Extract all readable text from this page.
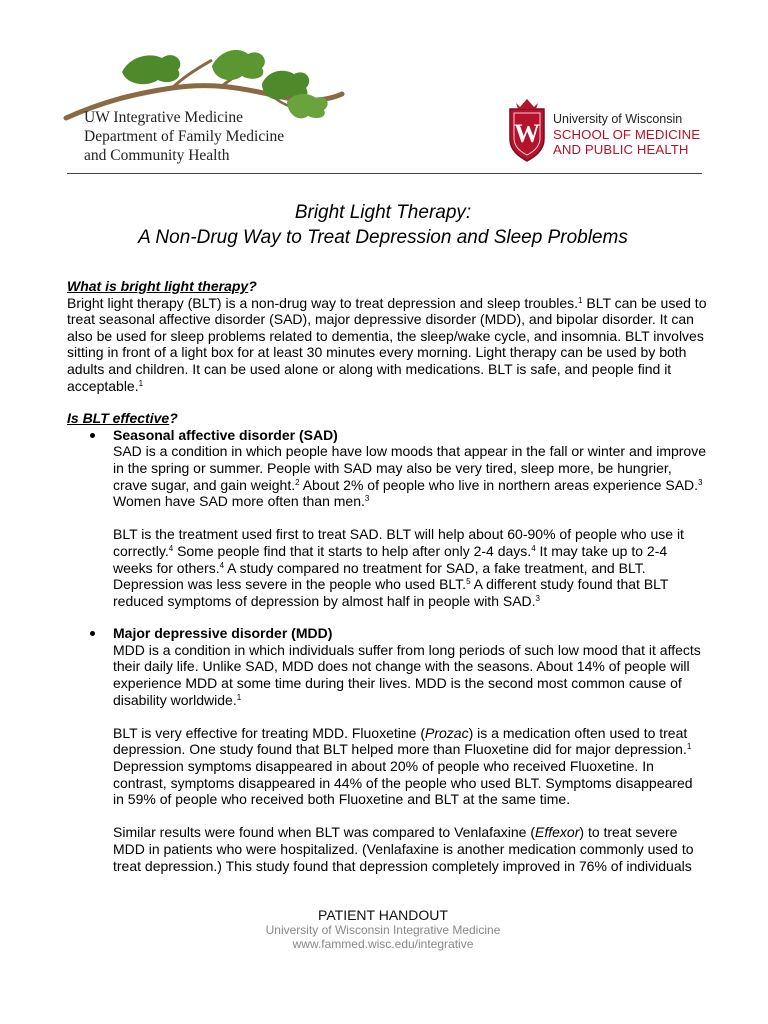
UW Integrative Medicine
Department of Family Medicine
and Community Health
W University of Wisconsin
SCHOOL OF MEDICINE
AND PUBLIC HEALTH
Bright Light Therapy:
A Non-Drug Way to Treat Depression and Sleep Problems

What is bright light therapy?

Bright light therapy (BLT) is a non-drug way to treat depression and sleep troubles.$^1$ BLT can be used to treat seasonal affective disorder (SAD), major depressive disorder (MDD), and bipolar disorder. It can also be used for sleep problems related to dementia, the sleep/wake cycle, and insomnia. BLT involves sitting in front of a light box for at least 30 minutes every morning. Light therapy can be used by both adults and children. It can be used alone or along with medications. BLT is safe, and people find it acceptable.$^1$

Is BLT effective?

Seasonal affective disorder (SAD)

SAD is a condition in which people have low moods that appear in the fall or winter and improve in the spring or summer. People with SAD may also be very tired, sleep more, be hungrier, crave sugar, and gain weight.$^2$ About 2% of people who live in northern areas experience SAD.$^3$ Women have SAD more often than men.$^3$

BLT is the treatment used first to treat SAD. BLT will help about 60-90% of people who use it correctly.$^4$ Some people find that it starts to help after only 2-4 days.$^4$ It may take up to 2-4 weeks for others.$^4$ A study compared no treatment for SAD, a fake treatment, and BLT. Depression was less severe in the people who used BLT.$^5$ A different study found that BLT reduced symptoms of depression by almost half in people with SAD.$^3$

Major depressive disorder (MDD)

MDD is a condition in which individuals suffer from long periods of such low mood that it affects their daily life. Unlike SAD, MDD does not change with the seasons. About 14% of people will experience MDD at some time during their lives. MDD is the second most common cause of disability worldwide.$^1$

BLT is very effective for treating MDD. Fluoxetine (Prozac) is a medication often used to treat depression. One study found that BLT helped more than Fluoxetine did for major depression.$^1$ Depression symptoms disappeared in about 20% of people who received Fluoxetine. In contrast, symptoms disappeared in 44% of the people who used BLT. Symptoms disappeared in 59% of people who received both Fluoxetine and BLT at the same time.

Similar results were found when BLT was compared to Venlafaxine (Effexor) to treat severe MDD in patients who were hospitalized. (Venlafaxine is another medication commonly used to treat depression.) This study found that depression completely improved in 76% of individuals

PATIENT HANDOUT
University of Wisconsin Integrative Medicine
www.fammed.wisc.edu/integrative
